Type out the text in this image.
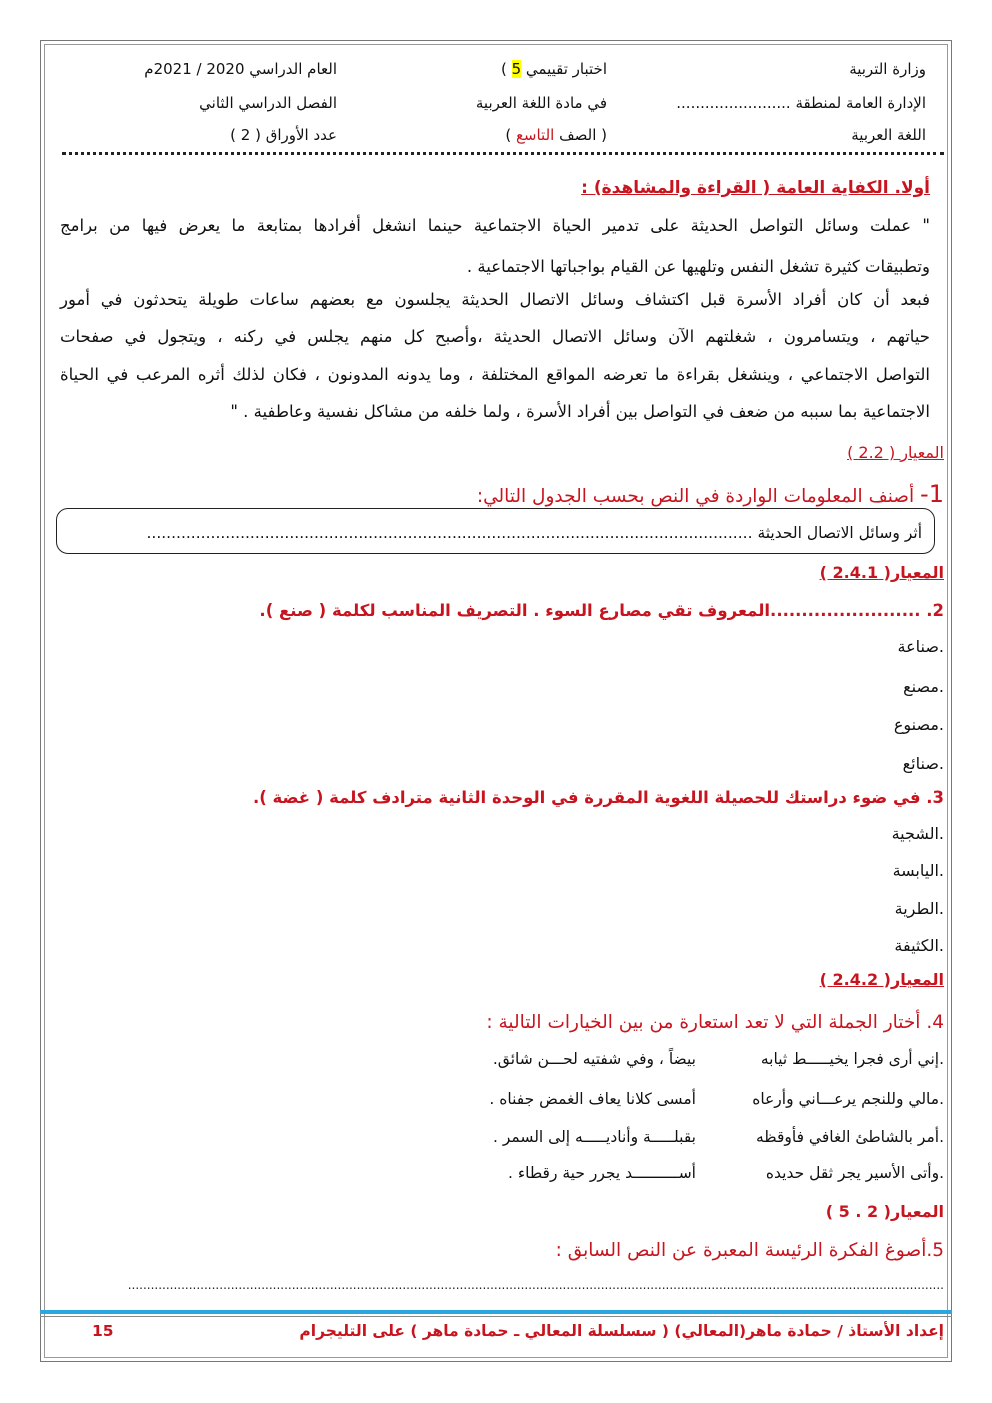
وزارة التربية
الإدارة العامة لمنطقة ........................
اللغة العربية
اختبار تقييمي 5 )
في مادة اللغة العربية
( الصف التاسع )
العام الدراسي 2020 / 2021م
الفصل الدراسي الثاني
عدد الأوراق ( 2 )
أولا. الكفاية العامة ( القراءة والمشاهدة) :
" عملت وسائل التواصل الحديثة على تدمير الحياة الاجتماعية حينما انشغل أفرادها بمتابعة ما يعرض فيها من برامج
وتطبيقات كثيرة تشغل النفس وتلهيها عن القيام بواجباتها الاجتماعية .
فبعد أن كان أفراد الأسرة قبل اكتشاف وسائل الاتصال الحديثة يجلسون مع بعضهم ساعات طويلة يتحدثون في أمور
حياتهم ، ويتسامرون ، شغلتهم الآن وسائل الاتصال الحديثة ،وأصبح كل منهم يجلس في ركنه ، ويتجول في صفحات
التواصل الاجتماعي ، وينشغل بقراءة ما تعرضه المواقع المختلفة ، وما يدونه المدونون ، فكان لذلك أثره المرعب في الحياة
الاجتماعية بما سببه من ضعف في التواصل بين أفراد الأسرة ، ولما خلفه من مشاكل نفسية وعاطفية . "
المعيار ( 2.2 )
1- أصنف المعلومات الواردة في النص بحسب الجدول التالي:
أثر وسائل الاتصال الحديثة ...........................................................................................................................
المعيار( 2.4.1 )
2. ........................المعروف تقي مصارع السوء . التصريف المناسب لكلمة ( صنع ).
.صناعة
.مصنع
.مصنوع
.صنائع
3. في ضوء دراستك للحصيلة اللغوية المقررة في الوحدة الثانية مترادف كلمة ( غضة ).
.الشجية
.اليابسة
.الطرية
.الكثيفة
المعيار( 2.4.2 )
4. أختار الجملة التي لا تعد استعارة من بين الخيارات التالية :
.إني أرى فجرا يخيـــــط ثيابه
بيضاً ، وفي شفتيه لحـــن شائق.
.مالي وللنجم يرعـــاني وأرعاه
أمسى كلانا يعاف الغمض جفناه .
.أمر بالشاطئ الغافي فأوقظه
بقبلـــــة وأناديـــــه إلى السمر .
.وأتى الأسير يجر ثقل حديده
أســــــــــد يجرر حية رقطاء .
المعيار( 2 . 5 )
5.أصوغ الفكرة الرئيسة المعبرة عن النص السابق :
......................................................................................................................................................................................................................
إعداد الأستاذ / حمادة ماهر(المعالي) ( سسلسلة المعالي ـ حمادة ماهر ) على التليجرام
15
